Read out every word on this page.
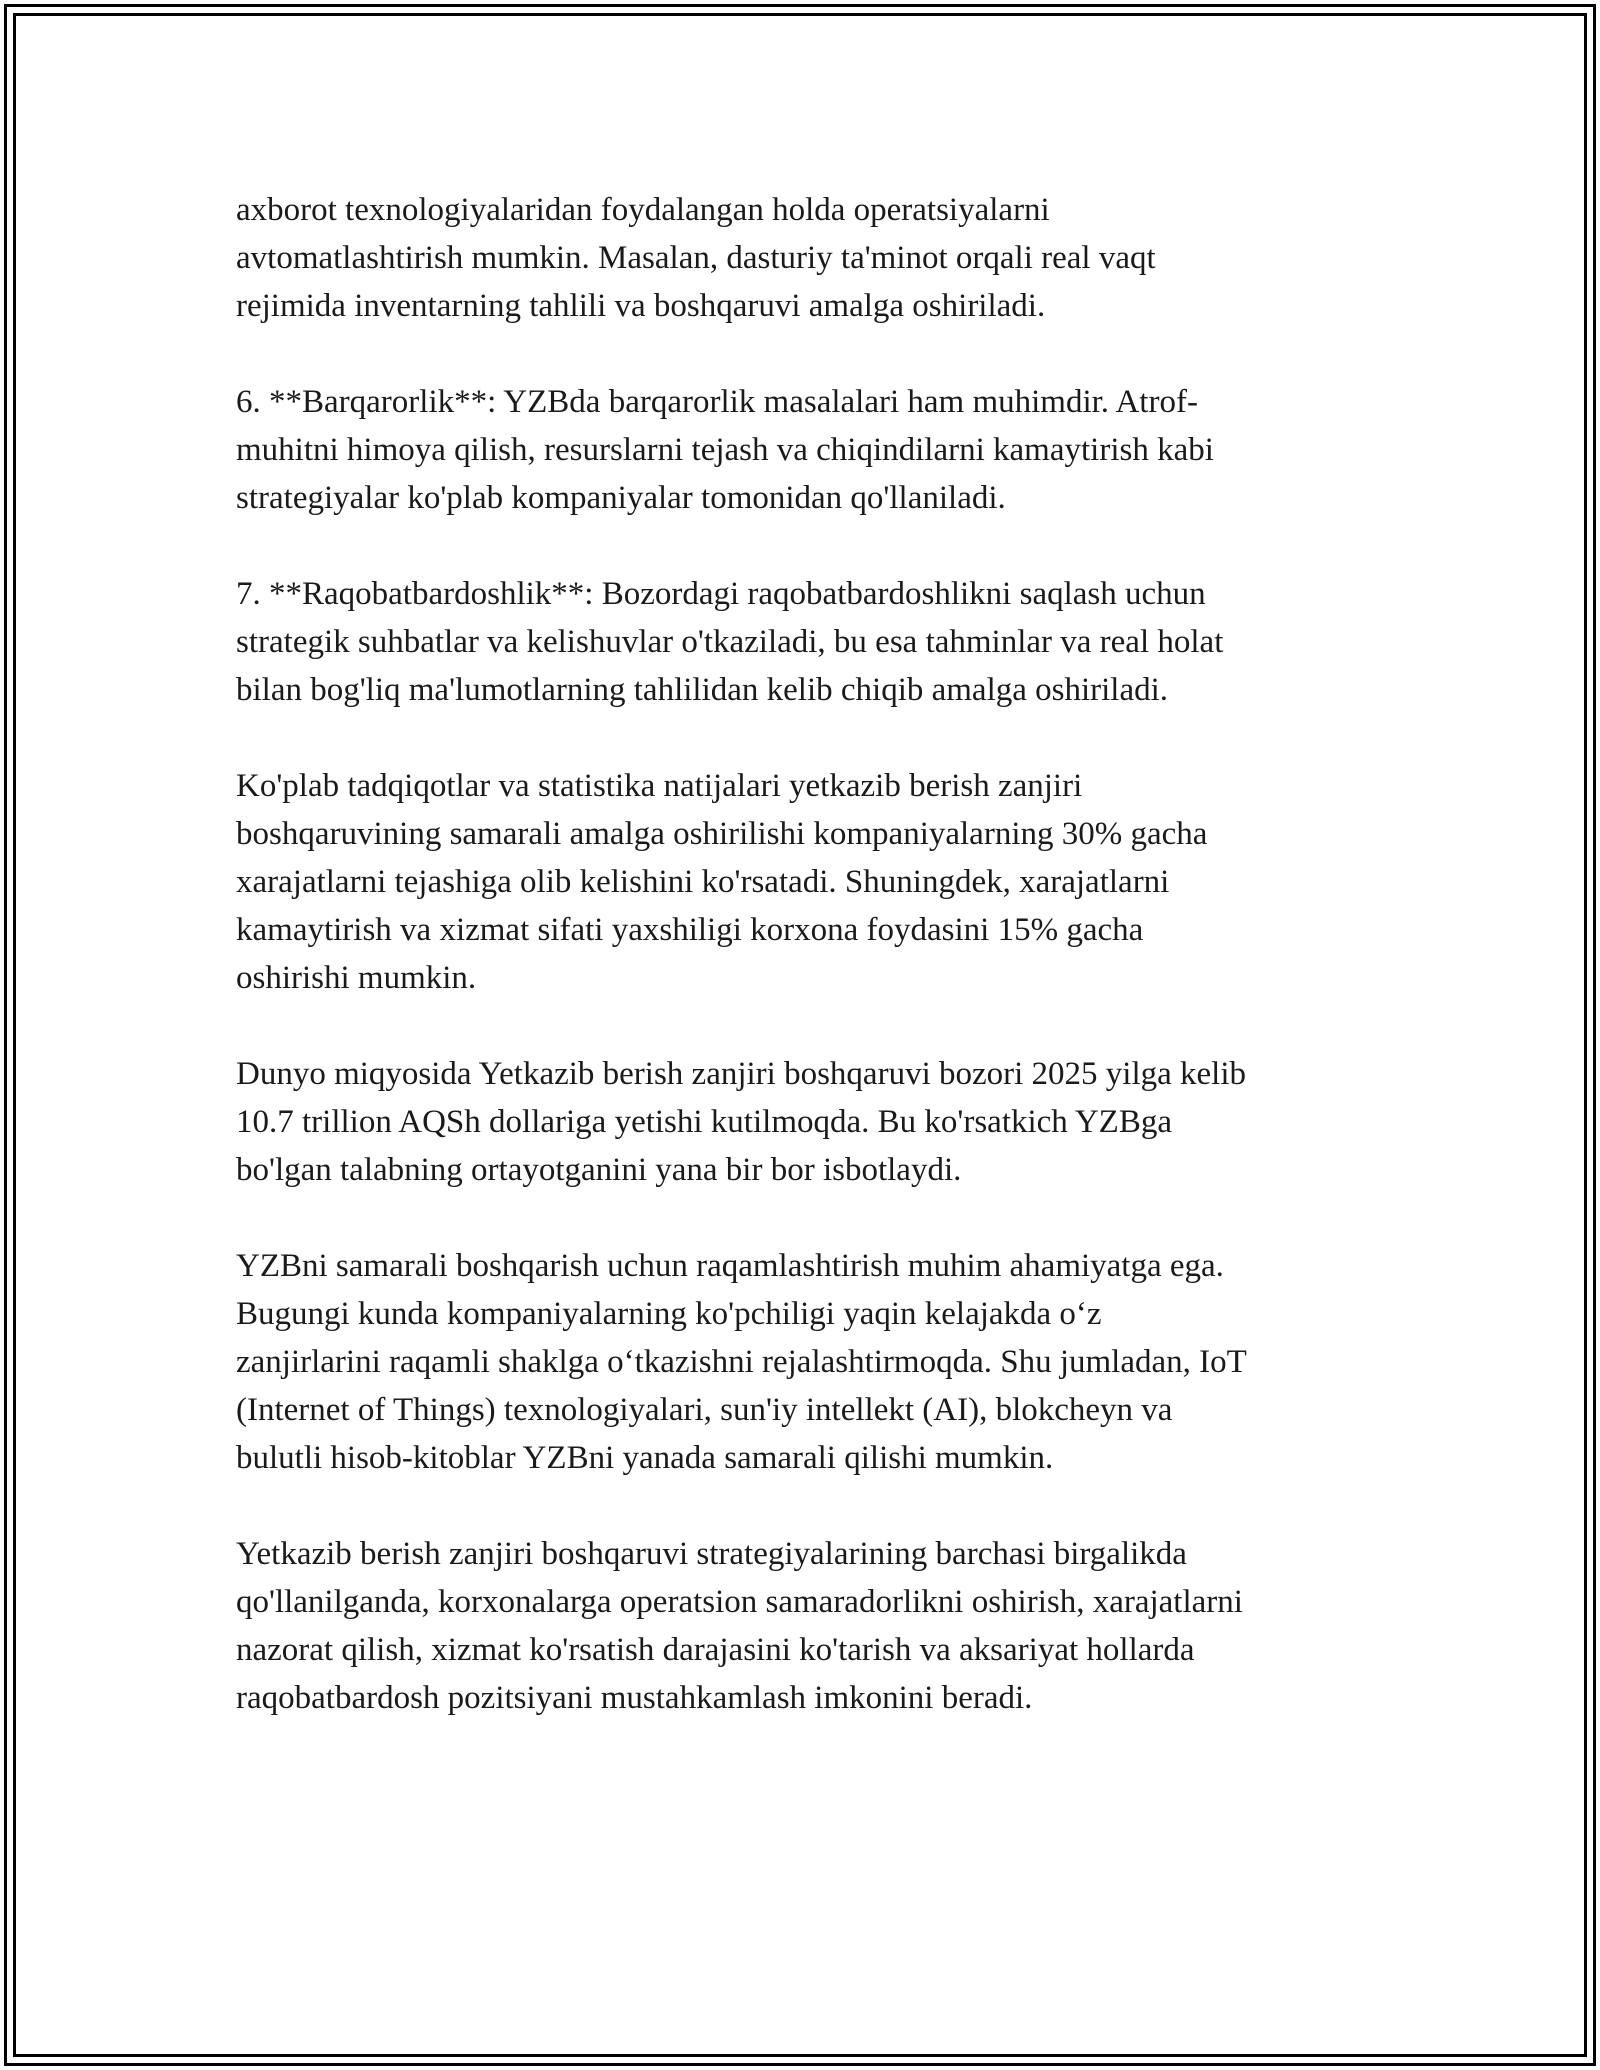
axborot texnologiyalaridan foydalangan holda operatsiyalarni
avtomatlashtirish mumkin. Masalan, dasturiy ta'minot orqali real vaqt
rejimida inventarning tahlili va boshqaruvi amalga oshiriladi.

6. **Barqarorlik**: YZBda barqarorlik masalalari ham muhimdir. Atrof-
muhitni himoya qilish, resurslarni tejash va chiqindilarni kamaytirish kabi
strategiyalar ko'plab kompaniyalar tomonidan qo'llaniladi.

7. **Raqobatbardoshlik**: Bozordagi raqobatbardoshlikni saqlash uchun
strategik suhbatlar va kelishuvlar o'tkaziladi, bu esa tahminlar va real holat
bilan bog'liq ma'lumotlarning tahlilidan kelib chiqib amalga oshiriladi.

Ko'plab tadqiqotlar va statistika natijalari yetkazib berish zanjiri
boshqaruvining samarali amalga oshirilishi kompaniyalarning 30% gacha
xarajatlarni tejashiga olib kelishini ko'rsatadi. Shuningdek, xarajatlarni
kamaytirish va xizmat sifati yaxshiligi korxona foydasini 15% gacha
oshirishi mumkin.

Dunyo miqyosida Yetkazib berish zanjiri boshqaruvi bozori 2025 yilga kelib
10.7 trillion AQSh dollariga yetishi kutilmoqda. Bu ko'rsatkich YZBga
bo'lgan talabning ortayotganini yana bir bor isbotlaydi.

YZBni samarali boshqarish uchun raqamlashtirish muhim ahamiyatga ega.
Bugungi kunda kompaniyalarning ko'pchiligi yaqin kelajakda o‘z
zanjirlarini raqamli shaklga o‘tkazishni rejalashtirmoqda. Shu jumladan, IoT
(Internet of Things) texnologiyalari, sun'iy intellekt (AI), blokcheyn va
bulutli hisob-kitoblar YZBni yanada samarali qilishi mumkin.

Yetkazib berish zanjiri boshqaruvi strategiyalarining barchasi birgalikda
qo'llanilganda, korxonalarga operatsion samaradorlikni oshirish, xarajatlarni
nazorat qilish, xizmat ko'rsatish darajasini ko'tarish va aksariyat hollarda
raqobatbardosh pozitsiyani mustahkamlash imkonini beradi.
